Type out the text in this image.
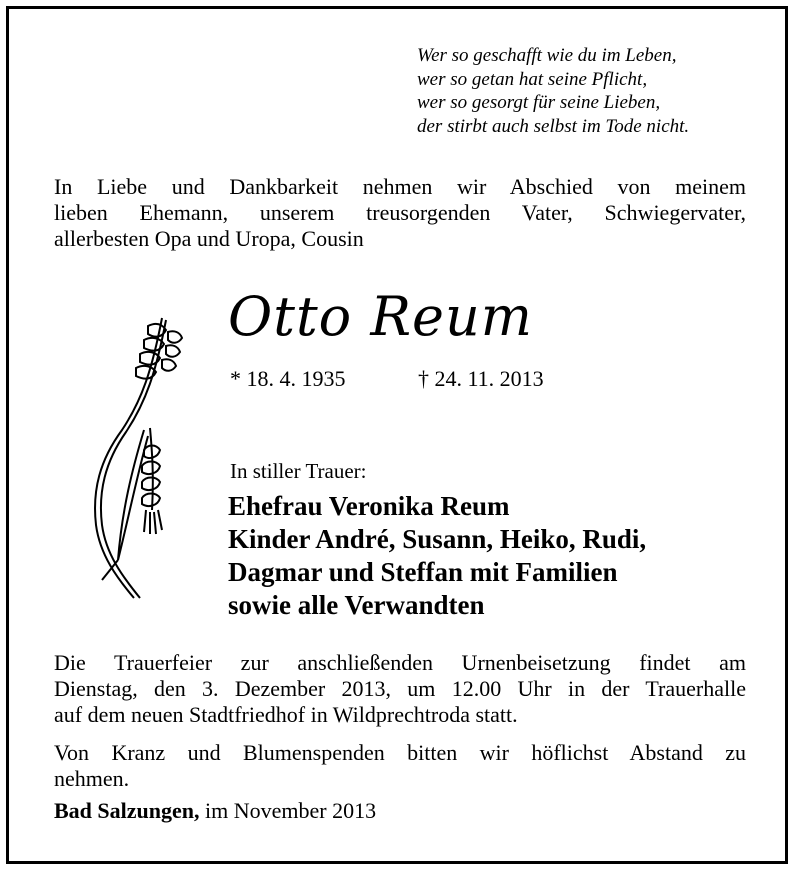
Wer so geschafft wie du im Leben,
wer so getan hat seine Pflicht,
wer so gesorgt für seine Lieben,
der stirbt auch selbst im Tode nicht.
In Liebe und Dankbarkeit nehmen wir Abschied von meinem
lieben Ehemann, unserem treusorgenden Vater, Schwiegervater,
allerbesten Opa und Uropa, Cousin
Otto Reum
* 18. 4. 1935	† 24. 11. 2013
In stiller Trauer:
Ehefrau Veronika Reum
Kinder André, Susann, Heiko, Rudi,
Dagmar und Steffan mit Familien
sowie alle Verwandten
Die Trauerfeier zur anschließenden Urnenbeisetzung findet am
Dienstag, den 3. Dezember 2013, um 12.00 Uhr in der Trauerhalle
auf dem neuen Stadtfriedhof in Wildprechtroda statt.
Von Kranz und Blumenspenden bitten wir höflichst Abstand zu
nehmen.
Bad Salzungen, im November 2013
